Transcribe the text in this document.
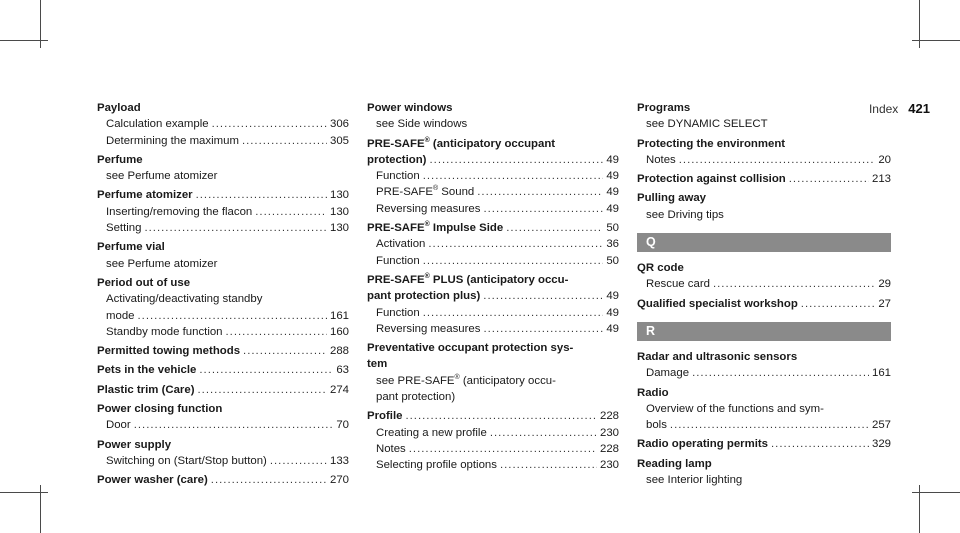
Index 421
Payload
Calculation example .....	306
Determining the maximum .....	305
Perfume
see Perfume atomizer
Perfume atomizer .....	130
Inserting/removing the flacon .....	130
Setting .....	130
Perfume vial
see Perfume atomizer
Period out of use
Activating/deactivating standby
mode .....	161
Standby mode function .....	160
Permitted towing methods .....	288
Pets in the vehicle .....	63
Plastic trim (Care) .....	274
Power closing function
Door .....	70
Power supply
Switching on (Start/Stop button) .....	133
Power washer (care) .....	270
Power windows
see Side windows
PRE-SAFE® (anticipatory occupant
protection) .....	49
Function .....	49
PRE-SAFE® Sound .....	49
Reversing measures .....	49
PRE-SAFE® Impulse Side .....	50
Activation .....	36
Function .....	50
PRE-SAFE® PLUS (anticipatory occu-
pant protection plus) .....	49
Function .....	49
Reversing measures .....	49
Preventative occupant protection sys-
tem
see PRE-SAFE® (anticipatory occu-
pant protection)
Profile .....	228
Creating a new profile .....	230
Notes .....	228
Selecting profile options .....	230
Programs
see DYNAMIC SELECT
Protecting the environment
Notes .....	20
Protection against collision .....	213
Pulling away
see Driving tips
Q
QR code
Rescue card .....	29
Qualified specialist workshop .....	27
R
Radar and ultrasonic sensors
Damage .....	161
Radio
Overview of the functions and sym-
bols .....	257
Radio operating permits .....	329
Reading lamp
see Interior lighting
